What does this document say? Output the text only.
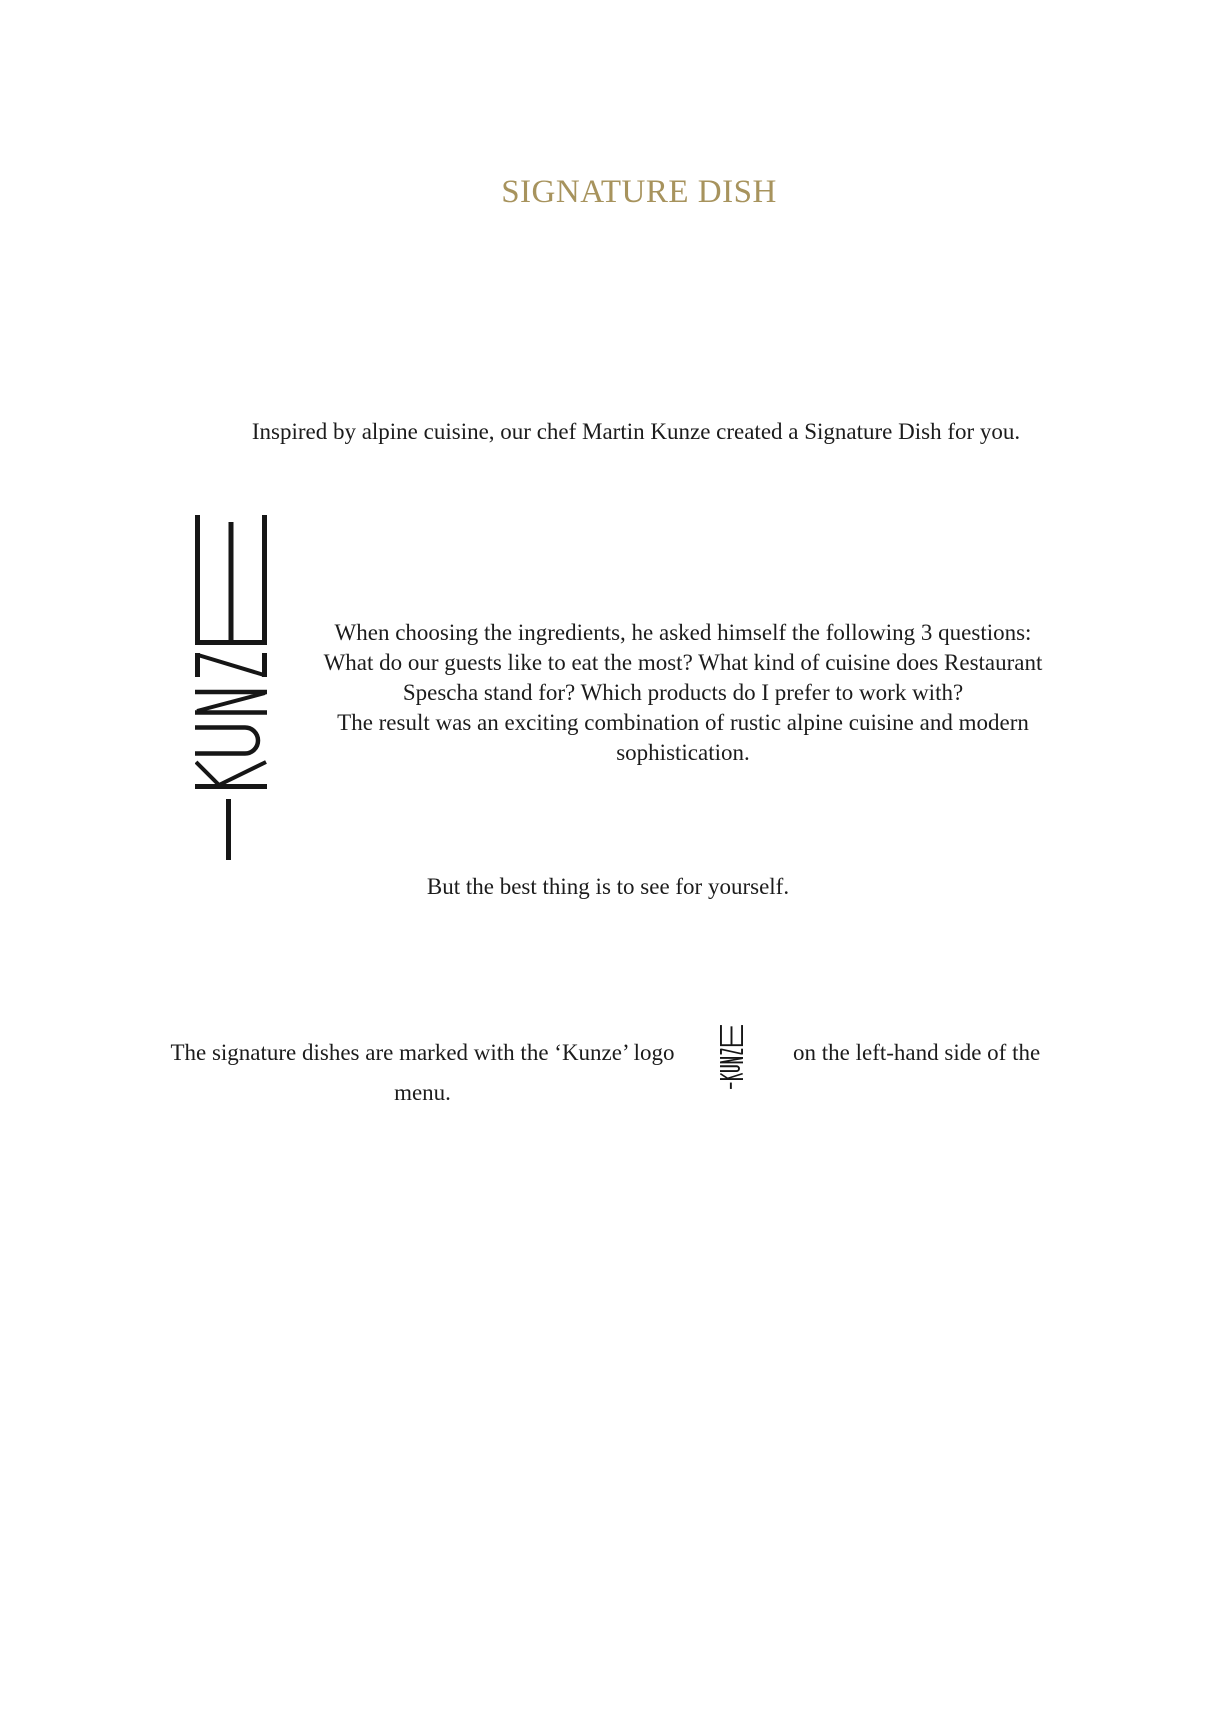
SIGNATURE DISH

Inspired by alpine cuisine, our chef Martin Kunze created a Signature Dish for you.

When choosing the ingredients, he asked himself the following 3 questions:
What do our guests like to eat the most? What kind of cuisine does Restaurant
Spescha stand for? Which products do I prefer to work with?
The result was an exciting combination of rustic alpine cuisine and modern
sophistication.

But the best thing is to see for yourself.

The signature dishes are marked with the ‘Kunze’ logo
menu.
on the left-hand side of the
